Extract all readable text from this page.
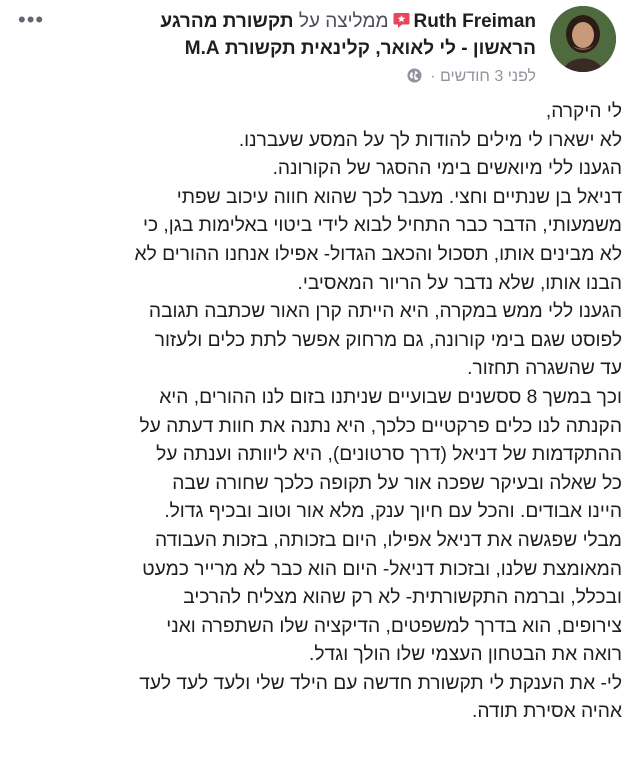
•••	Ruth Freimanממליצה על תקשורת מהרגע
הראשון - לי לאואר, קלינאית תקשורת M.A
לפני 3 חודשים ·
לי היקרה,
לא ישארו לי מילים להודות לך על המסע שעברנו.
הגענו ללי מיואשים בימי ההסגר של הקורונה.
דניאל בן שנתיים וחצי. מעבר לכך שהוא חווה עיכוב שפתי
משמעותי, הדבר כבר התחיל לבוא לידי ביטוי באלימות בגן, כי
לא מבינים אותו, תסכול והכאב הגדול- אפילו אנחנו ההורים לא
הבנו אותו, שלא נדבר על הריור המאסיבי.
הגענו ללי ממש במקרה, היא הייתה קרן האור שכתבה תגובה
לפוסט שגם בימי קורונה, גם מרחוק אפשר לתת כלים ולעזור
עד שהשגרה תחזור.
וכך במשך 8 ססשנים שבועיים שניתנו בזום לנו ההורים, היא
הקנתה לנו כלים פרקטיים כלכך, היא נתנה את חוות דעתה על
ההתקדמות של דניאל (דרך סרטונים), היא ליוותה וענתה על
כל שאלה ובעיקר שפכה אור על תקופה כלכך שחורה שבה
היינו אבודים. והכל עם חיוך ענק, מלא אור וטוב ובכיף גדול.
מבלי שפגשה את דניאל אפילו, היום בזכותה, בזכות העבודה
המאומצת שלנו, ובזכות דניאל- היום הוא כבר לא מרייר כמעט
ובכלל, וברמה התקשורתית- לא רק שהוא מצליח להרכיב
צירופים, הוא בדרך למשפטים, הדיקציה שלו השתפרה ואני
רואה את הבטחון העצמי שלו הולך וגדל.
לי- את הענקת לי תקשורת חדשה עם הילד שלי ולעד לעד לעד
אהיה אסירת תודה.
